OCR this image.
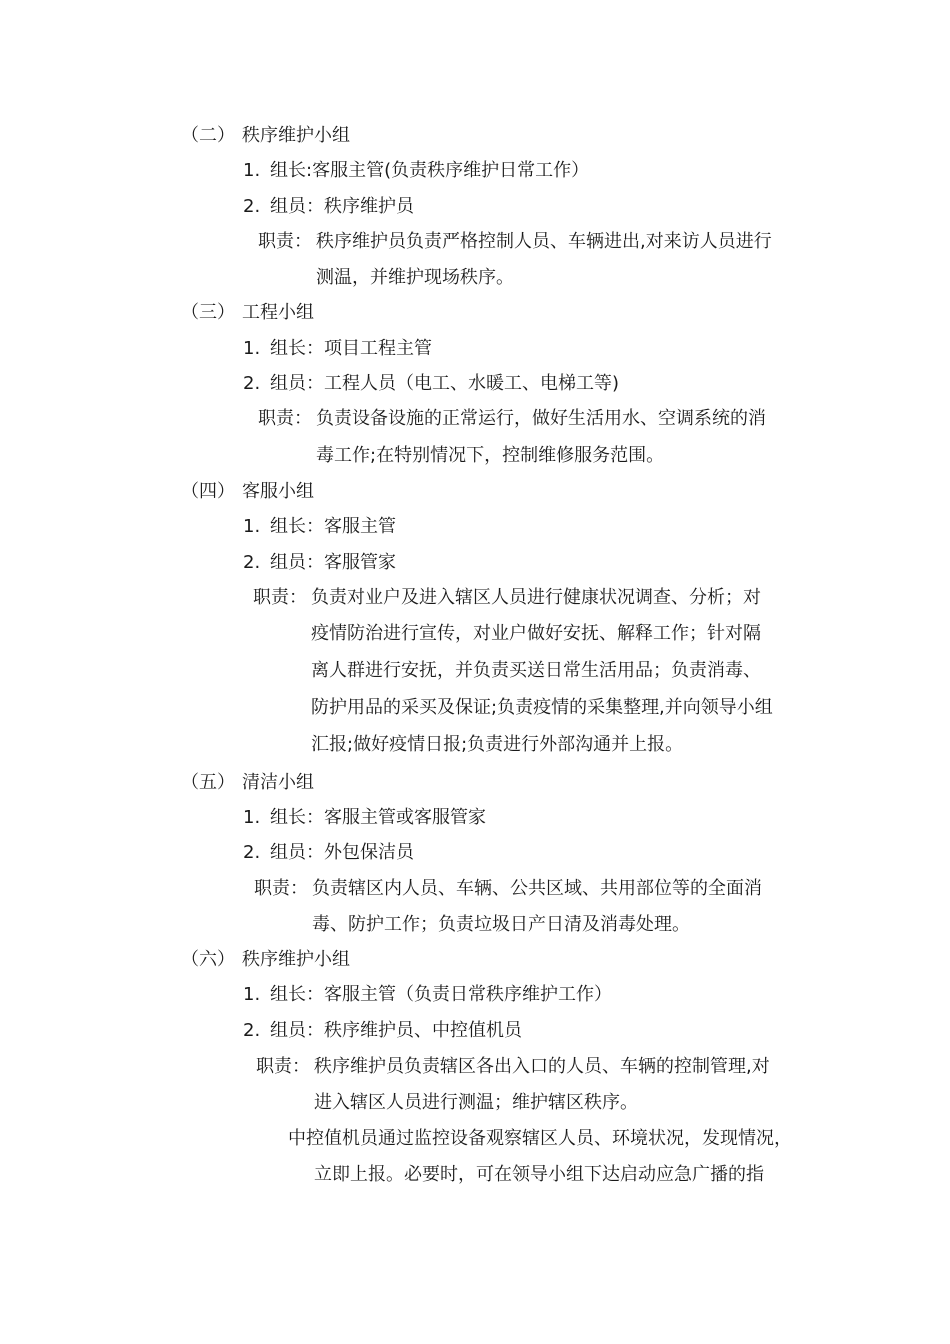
（二） 秩序维护小组
1. 组长:客服主管(负责秩序维护日常工作）
2. 组员：秩序维护员
职责： 秩序维护员负责严格控制人员、车辆进出,对来访人员进行
测温，并维护现场秩序。
（三） 工程小组
1. 组长：项目工程主管
2. 组员：工程人员（电工、水暖工、电梯工等)
职责： 负责设备设施的正常运行，做好生活用水、空调系统的消
毒工作;在特别情况下，控制维修服务范围。
（四） 客服小组
1. 组长：客服主管
2. 组员：客服管家
职责： 负责对业户及进入辖区人员进行健康状况调查、分析；对
疫情防治进行宣传，对业户做好安抚、解释工作；针对隔
离人群进行安抚，并负责买送日常生活用品；负责消毒、
防护用品的采买及保证;负责疫情的采集整理,并向领导小组
汇报;做好疫情日报;负责进行外部沟通并上报。
（五） 清洁小组
1. 组长：客服主管或客服管家
2. 组员：外包保洁员
职责： 负责辖区内人员、车辆、公共区域、共用部位等的全面消
毒、防护工作；负责垃圾日产日清及消毒处理。
（六） 秩序维护小组
1. 组长：客服主管（负责日常秩序维护工作）
2. 组员：秩序维护员、中控值机员
职责： 秩序维护员负责辖区各出入口的人员、车辆的控制管理,对
进入辖区人员进行测温；维护辖区秩序。
中控值机员通过监控设备观察辖区人员、环境状况，发现情况，
立即上报。必要时，可在领导小组下达启动应急广播的指
